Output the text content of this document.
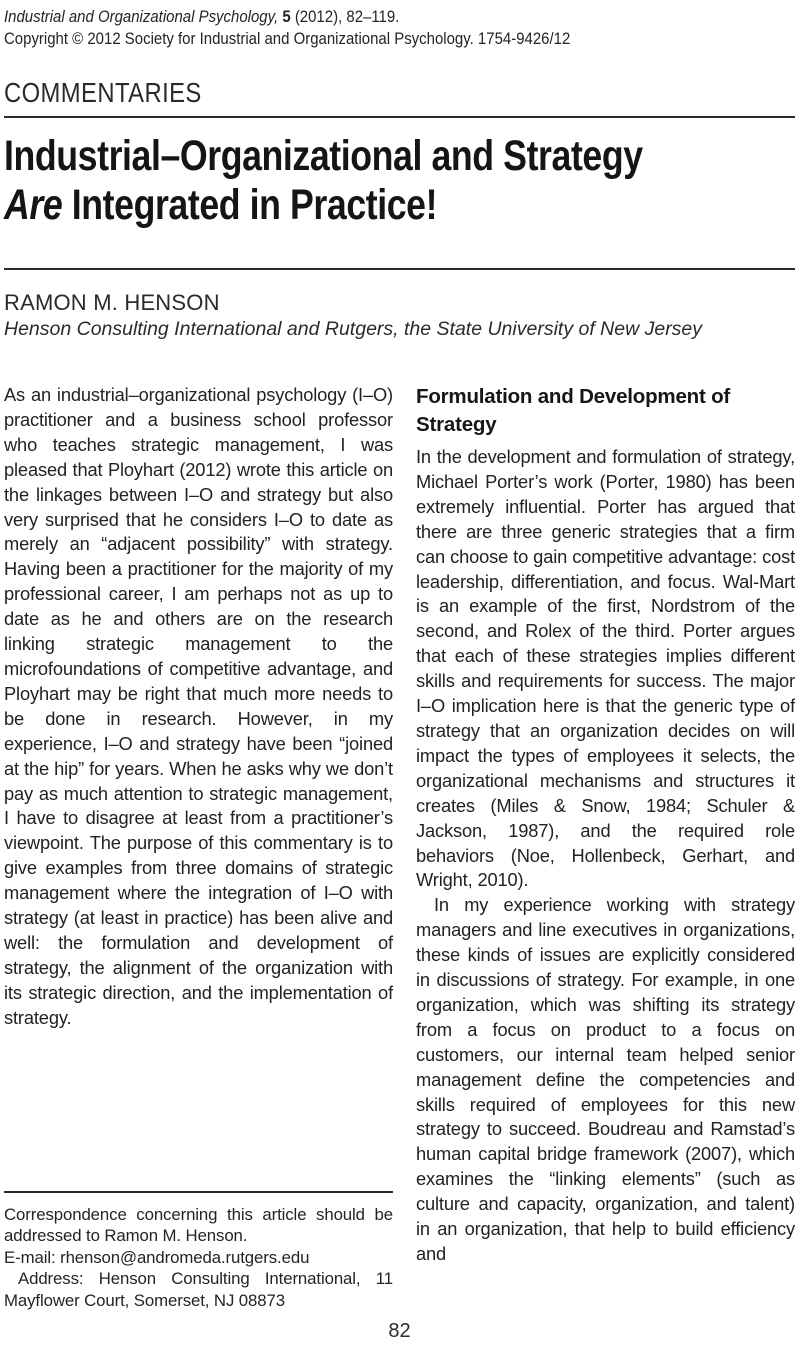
Industrial and Organizational Psychology, 5 (2012), 82–119.
Copyright © 2012 Society for Industrial and Organizational Psychology. 1754-9426/12
COMMENTARIES
Industrial–Organizational and Strategy
Are Integrated in Practice!
RAMON M. HENSON
Henson Consulting International and Rutgers, the State University of New Jersey

As an industrial–organizational psychology (I–O) practitioner and a business school professor who teaches strategic management, I was pleased that Ployhart (2012) wrote this article on the linkages between I–O and strategy but also very surprised that he considers I–O to date as merely an “adjacent possibility” with strategy. Having been a practitioner for the majority of my professional career, I am perhaps not as up to date as he and others are on the research linking strategic management to the microfoundations of competitive advantage, and Ployhart may be right that much more needs to be done in research. However, in my experience, I–O and strategy have been “joined at the hip” for years. When he asks why we don’t pay as much attention to strategic management, I have to disagree at least from a practitioner’s viewpoint. The purpose of this commentary is to give examples from three domains of strategic management where the integration of I–O with strategy (at least in practice) has been alive and well: the formulation and development of strategy, the alignment of the organization with its strategic direction, and the implementation of strategy.

Correspondence concerning this article should be addressed to Ramon M. Henson.

E-mail: rhenson@andromeda.rutgers.edu

Address: Henson Consulting International, 11 Mayflower Court, Somerset, NJ 08873

Formulation and Development of Strategy

In the development and formulation of strategy, Michael Porter’s work (Porter, 1980) has been extremely influential. Porter has argued that there are three generic strategies that a firm can choose to gain competitive advantage: cost leadership, differentiation, and focus. Wal-Mart is an example of the first, Nordstrom of the second, and Rolex of the third. Porter argues that each of these strategies implies different skills and requirements for success. The major I–O implication here is that the generic type of strategy that an organization decides on will impact the types of employees it selects, the organizational mechanisms and structures it creates (Miles & Snow, 1984; Schuler & Jackson, 1987), and the required role behaviors (Noe, Hollenbeck, Gerhart, and Wright, 2010).

In my experience working with strategy managers and line executives in organizations, these kinds of issues are explicitly considered in discussions of strategy. For example, in one organization, which was shifting its strategy from a focus on product to a focus on customers, our internal team helped senior management define the competencies and skills required of employees for this new strategy to succeed. Boudreau and Ramstad’s human capital bridge framework (2007), which examines the “linking elements” (such as culture and capacity, organization, and talent) in an organization, that help to build efficiency and

82
